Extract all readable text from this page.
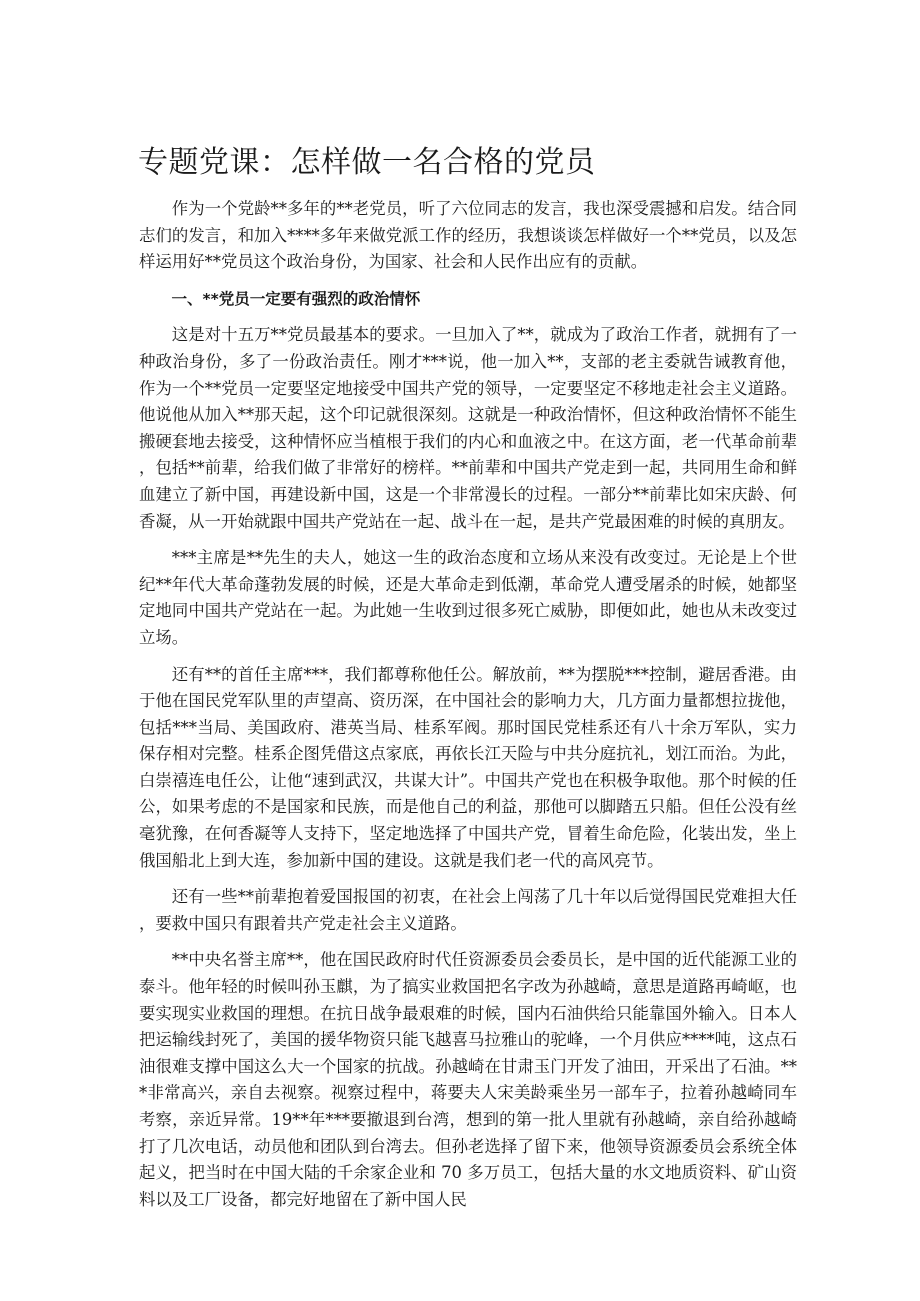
专题党课：怎样做一名合格的党员

作为一个党龄**多年的**老党员，听了六位同志的发言，我也深受震撼和启发。结合同志们的发言，和加入****多年来做党派工作的经历，我想谈谈怎样做好一个**党员，以及怎样运用好**党员这个政治身份，为国家、社会和人民作出应有的贡献。

一、**党员一定要有强烈的政治情怀

这是对十五万**党员最基本的要求。一旦加入了**，就成为了政治工作者，就拥有了一种政治身份，多了一份政治责任。刚才***说，他一加入**，支部的老主委就告诫教育他，作为一个**党员一定要坚定地接受中国共产党的领导，一定要坚定不移地走社会主义道路。他说他从加入**那天起，这个印记就很深刻。这就是一种政治情怀，但这种政治情怀不能生搬硬套地去接受，这种情怀应当植根于我们的内心和血液之中。在这方面，老一代革命前辈，包括**前辈，给我们做了非常好的榜样。**前辈和中国共产党走到一起，共同用生命和鲜血建立了新中国，再建设新中国，这是一个非常漫长的过程。一部分**前辈比如宋庆龄、何香凝，从一开始就跟中国共产党站在一起、战斗在一起，是共产党最困难的时候的真朋友。

***主席是**先生的夫人，她这一生的政治态度和立场从来没有改变过。无论是上个世纪**年代大革命蓬勃发展的时候，还是大革命走到低潮，革命党人遭受屠杀的时候，她都坚定地同中国共产党站在一起。为此她一生收到过很多死亡威胁，即便如此，她也从未改变过立场。

还有**的首任主席***，我们都尊称他任公。解放前，**为摆脱***控制，避居香港。由于他在国民党军队里的声望高、资历深，在中国社会的影响力大，几方面力量都想拉拢他，包括***当局、美国政府、港英当局、桂系军阀。那时国民党桂系还有八十余万军队，实力保存相对完整。桂系企图凭借这点家底，再依长江天险与中共分庭抗礼，划江而治。为此，白崇禧连电任公，让他“速到武汉，共谋大计”。中国共产党也在积极争取他。那个时候的任公，如果考虑的不是国家和民族，而是他自己的利益，那他可以脚踏五只船。但任公没有丝毫犹豫，在何香凝等人支持下，坚定地选择了中国共产党，冒着生命危险，化装出发，坐上俄国船北上到大连，参加新中国的建设。这就是我们老一代的高风亮节。

还有一些**前辈抱着爱国报国的初衷，在社会上闯荡了几十年以后觉得国民党难担大任，要救中国只有跟着共产党走社会主义道路。

**中央名誉主席**，他在国民政府时代任资源委员会委员长，是中国的近代能源工业的泰斗。他年轻的时候叫孙玉麒，为了搞实业救国把名字改为孙越崎，意思是道路再崎岖，也要实现实业救国的理想。在抗日战争最艰难的时候，国内石油供给只能靠国外输入。日本人把运输线封死了，美国的援华物资只能飞越喜马拉雅山的驼峰，一个月供应****吨，这点石油很难支撑中国这么大一个国家的抗战。孙越崎在甘肃玉门开发了油田，开采出了石油。***非常高兴，亲自去视察。视察过程中，蒋要夫人宋美龄乘坐另一部车子，拉着孙越崎同车考察，亲近异常。19**年***要撤退到台湾，想到的第一批人里就有孙越崎，亲自给孙越崎打了几次电话，动员他和团队到台湾去。但孙老选择了留下来，他领导资源委员会系统全体起义，把当时在中国大陆的千余家企业和 70 多万员工，包括大量的水文地质资料、矿山资料以及工厂设备，都完好地留在了新中国人民
